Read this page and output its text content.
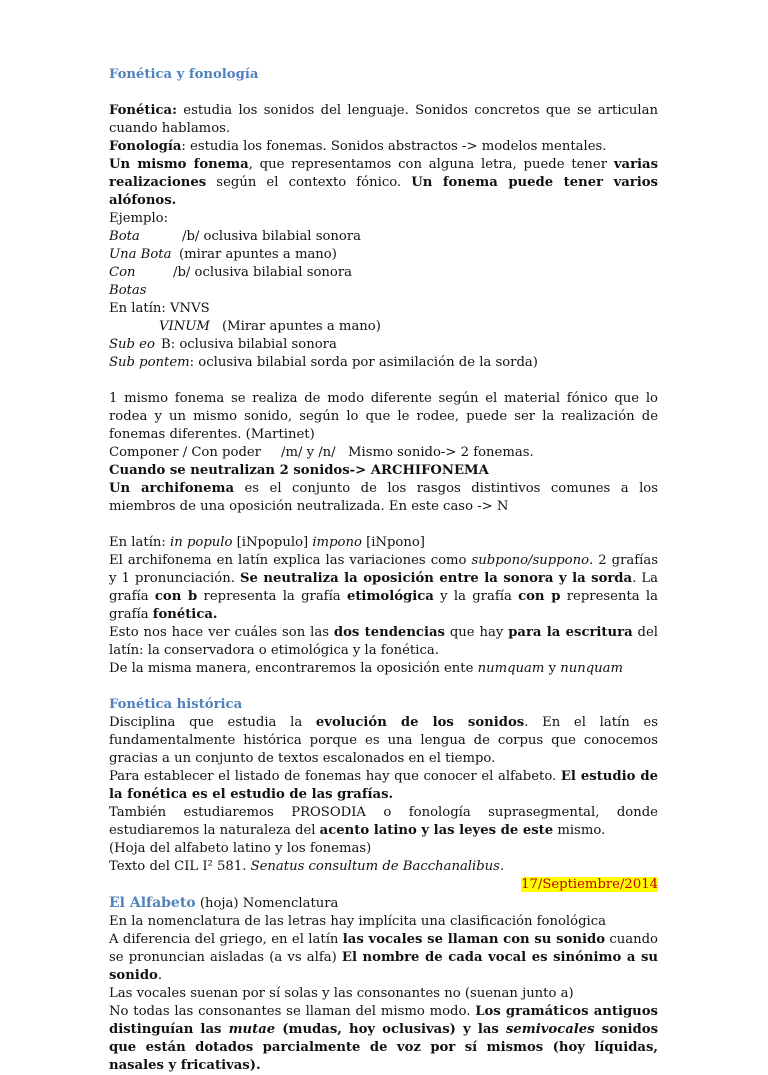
Fonética y fonología

Fonética: estudia los sonidos del lenguaje. Sonidos concretos que se articulan cuando hablamos.

Fonología: estudia los fonemas. Sonidos abstractos -> modelos mentales.

Un mismo fonema, que representamos con alguna letra, puede tener varias realizaciones según el contexto fónico. Un fonema puede tener varios alófonos.

Ejemplo:

Bota	/b/ oclusiva bilabial sonora
Una Bota (mirar apuntes a mano)
Con Botas
/b/ oclusiva bilabial sonora

En latín: VNVS

VINUM (Mirar apuntes a mano)
Sub eo B: oclusiva bilabial sonora

Sub pontem: oclusiva bilabial sorda por asimilación de la sorda)

1 mismo fonema se realiza de modo diferente según el material fónico que lo rodea y un mismo sonido, según lo que le rodee, puede ser la realización de fonemas diferentes. (Martinet)

Componer / Con poder	/m/ y /n/ Mismo sonido-> 2 fonemas.

Cuando se neutralizan 2 sonidos-> ARCHIFONEMA

Un archifonema es el conjunto de los rasgos distintivos comunes a los miembros de una oposición neutralizada. En este caso -> N

En latín: in populo [iNpopulo] impono [iNpono]

El archifonema en latín explica las variaciones como subpono/suppono. 2 grafías y 1 pronunciación. Se neutraliza la oposición entre la sonora y la sorda. La grafía con b representa la grafía etimológica y la grafía con p representa la grafía fonética.

Esto nos hace ver cuáles son las dos tendencias que hay para la escritura del latín: la conservadora o etimológica y la fonética.

De la misma manera, encontraremos la oposición ente numquam y nunquam

Fonética histórica

Disciplina que estudia la evolución de los sonidos. En el latín es fundamentalmente histórica porque es una lengua de corpus que conocemos gracias a un conjunto de textos escalonados en el tiempo.

Para establecer el listado de fonemas hay que conocer el alfabeto. El estudio de la fonética es el estudio de las grafías.

También estudiaremos PROSODIA o fonología suprasegmental, donde estudiaremos la naturaleza del acento latino y las leyes de este mismo.

(Hoja del alfabeto latino y los fonemas)

Texto del CIL I² 581. Senatus consultum de Bacchanalibus.

17/Septiembre/2014

El Alfabeto (hoja) Nomenclatura

En la nomenclatura de las letras hay implícita una clasificación fonológica

A diferencia del griego, en el latín las vocales se llaman con su sonido cuando se pronuncian aisladas (a vs alfa) El nombre de cada vocal es sinónimo a su sonido.

Las vocales suenan por sí solas y las consonantes no (suenan junto a)

No todas las consonantes se llaman del mismo modo. Los gramáticos antiguos distinguían las mutae (mudas, hoy oclusivas) y las semivocales sonidos que están dotados parcialmente de voz por sí mismos (hoy líquidas, nasales y fricativas).
